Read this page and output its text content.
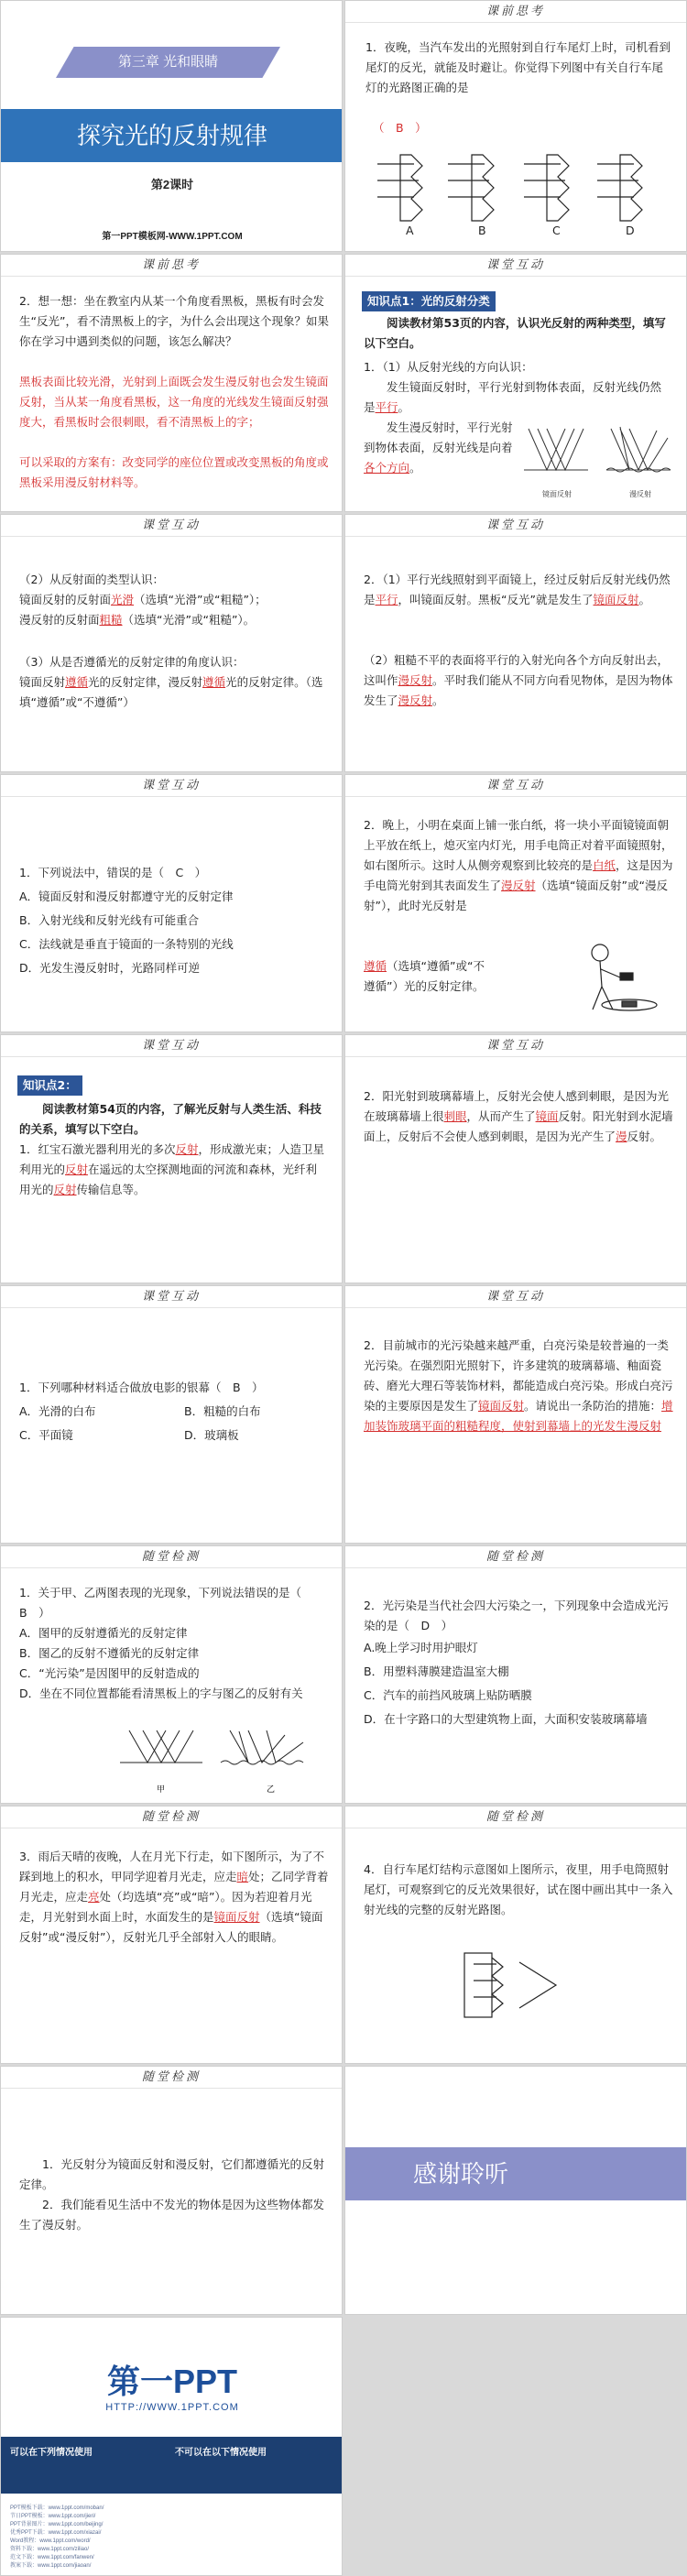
第三章 光和眼睛
探究光的反射规律
第2课时
第一PPT模板网-WWW.1PPT.COM
课前思考
1．夜晚，当汽车发出的光照射到自行车尾灯上时，司机看到尾灯的反光，就能及时避让。你觉得下列图中有关自行车尾灯的光路图正确的是
（　B　）
A	B	C	D
课前思考
2．想一想：坐在教室内从某一个角度看黑板，黑板有时会发生“反光”，看不清黑板上的字，为什么会出现这个现象？如果你在学习中遇到类似的问题，该怎么解决？
黑板表面比较光滑，光射到上面既会发生漫反射也会发生镜面反射，当从某一角度看黑板，这一角度的光线发生镜面反射强度大，看黑板时会很刺眼，看不清黑板上的字；
可以采取的方案有：改变同学的座位位置或改变黑板的角度或黑板采用漫反射材料等。
课堂互动
知识点1：光的反射分类
阅读教材第53页的内容，认识光反射的两种类型，填写以下空白。
1．（1）从反射光线的方向认识：
发生镜面反射时，平行光射到物体表面，反射光线仍然是平行。
发生漫反射时，平行光射到物体表面，反射光线是向着各个方向。
镜面反射	漫反射
课堂互动
（2）从反射面的类型认识：
镜面反射的反射面光滑（选填“光滑”或“粗糙”）；
漫反射的反射面粗糙（选填“光滑”或“粗糙”）。
（3）从是否遵循光的反射定律的角度认识：
镜面反射遵循光的反射定律，漫反射遵循光的反射定律。（选填“遵循”或“不遵循”）
课堂互动
2．（1）平行光线照射到平面镜上，经过反射后反射光线仍然是平行，叫镜面反射。黑板“反光”就是发生了镜面反射。
（2）粗糙不平的表面将平行的入射光向各个方向反射出去，这叫作漫反射。平时我们能从不同方向看见物体，是因为物体发生了漫反射。
课堂互动
1．下列说法中，错误的是（　C　）
A．镜面反射和漫反射都遵守光的反射定律
B．入射光线和反射光线有可能重合
C．法线就是垂直于镜面的一条特别的光线
D．光发生漫反射时，光路同样可逆
课堂互动
2．晚上，小明在桌面上铺一张白纸，将一块小平面镜镜面朝上平放在纸上，熄灭室内灯光，用手电筒正对着平面镜照射，如右图所示。这时人从侧旁观察到比较亮的是白纸，这是因为手电筒光射到其表面发生了漫反射（选填“镜面反射”或“漫反射”），此时光反射是
遵循（选填“遵循”或“不遵循”）光的反射定律。
课堂互动
知识点2：
阅读教材第54页的内容，了解光反射与人类生活、科技的关系，填写以下空白。
1．红宝石激光器利用光的多次反射，形成激光束；人造卫星利用光的反射在遥远的太空探测地面的河流和森林，光纤利用光的反射传输信息等。
课堂互动
2．阳光射到玻璃幕墙上，反射光会使人感到刺眼，是因为光在玻璃幕墙上很刺眼，从而产生了镜面反射。阳光射到水泥墙面上，反射后不会使人感到刺眼，是因为光产生了漫反射。
课堂互动
1．下列哪种材料适合做放电影的银幕（　B　）
A．光滑的白布	B．粗糙的白布
C．平面镜	D．玻璃板
课堂互动
2．目前城市的光污染越来越严重，白亮污染是较普遍的一类光污染。在强烈阳光照射下，许多建筑的玻璃幕墙、釉面瓷砖、磨光大理石等装饰材料，都能造成白亮污染。形成白亮污染的主要原因是发生了镜面反射。请说出一条防治的措施：增加装饰玻璃平面的粗糙程度，使射到幕墙上的光发生漫反射
随堂检测
1．关于甲、乙两图表现的光现象，下列说法错误的是（　B　）
A．图甲的反射遵循光的反射定律
B．图乙的反射不遵循光的反射定律
C．“光污染”是因图甲的反射造成的
D．坐在不同位置都能看清黑板上的字与图乙的反射有关
甲	乙
随堂检测
2．光污染是当代社会四大污染之一，下列现象中会造成光污染的是（　D　）
A.晚上学习时用护眼灯
B．用塑料薄膜建造温室大棚
C．汽车的前挡风玻璃上贴防晒膜
D．在十字路口的大型建筑物上面，大面积安装玻璃幕墙
随堂检测
3．雨后天晴的夜晚，人在月光下行走，如下图所示，为了不踩到地上的积水，甲同学迎着月光走，应走暗处；乙同学背着月光走，应走亮处（均选填“亮”或“暗”）。因为若迎着月光走，月光射到水面上时，水面发生的是镜面反射（选填“镜面反射”或“漫反射”），反射光几乎全部射入人的眼睛。
随堂检测
4．自行车尾灯结构示意图如上图所示，夜里，用手电筒照射尾灯，可观察到它的反光效果很好，试在图中画出其中一条入射光线的完整的反射光路图。
随堂检测
1．光反射分为镜面反射和漫反射，它们都遵循光的反射定律。
2．我们能看见生活中不发光的物体是因为这些物体都发生了漫反射。
感谢聆听
第一PPT
HTTP://WWW.1PPT.COM
可以在下列情况使用	不可以在以下情况使用
PPT模板下载：www.1ppt.com/moban/
节日PPT模板：www.1ppt.com/jieri/
PPT背景图片：www.1ppt.com/beijing/
优秀PPT下载：www.1ppt.com/xiazai/
Word教程：www.1ppt.com/word/
资料下载：www.1ppt.com/ziliao/
范文下载：www.1ppt.com/fanwen/
教案下载：www.1ppt.com/jiaoan/
